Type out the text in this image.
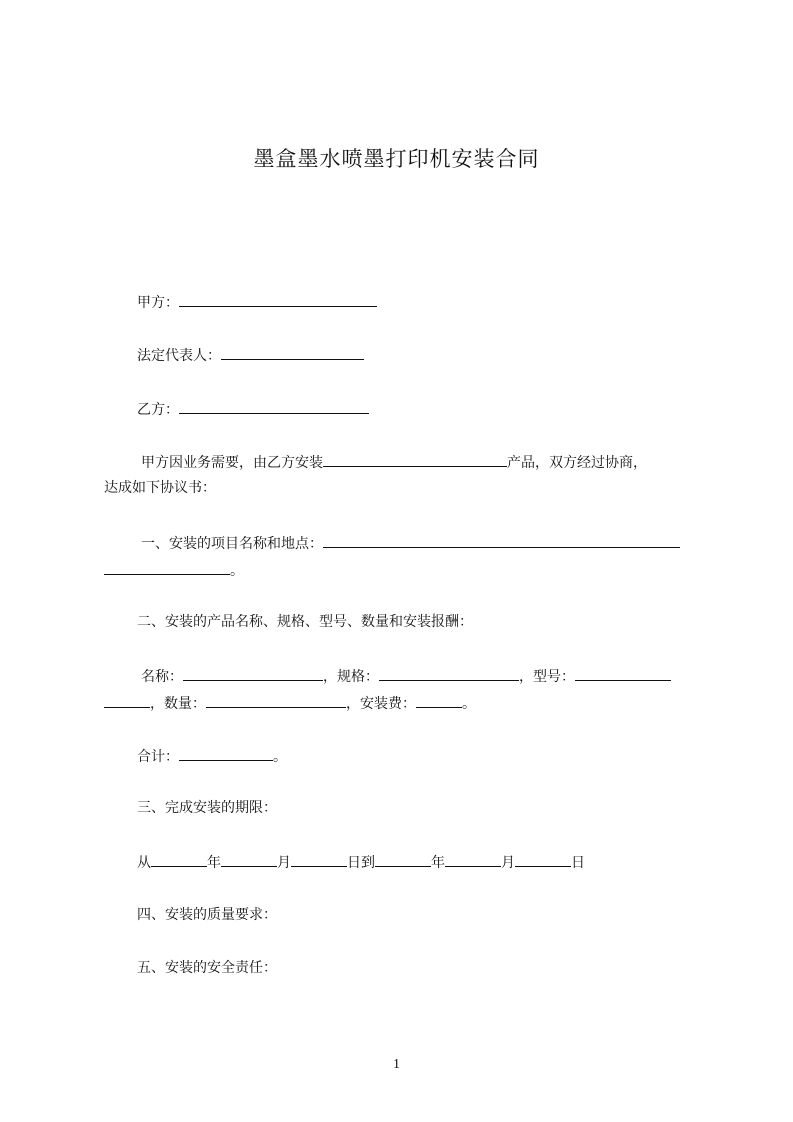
墨盒墨水喷墨打印机安装合同
甲方：
法定代表人：
乙方：
甲方因业务需要，由乙方安装	产品，双方经过协商，
达成如下协议书：
一、安装的项目名称和地点：
。
二、安装的产品名称、规格、型号、数量和安装报酬：
名称：	，规格：	，型号：
，数量：	，安装费：	。
合计：	。
三、完成安装的期限：
从	年	月	日到	年	月	日
四、安装的质量要求：
五、安装的安全责任：
1
